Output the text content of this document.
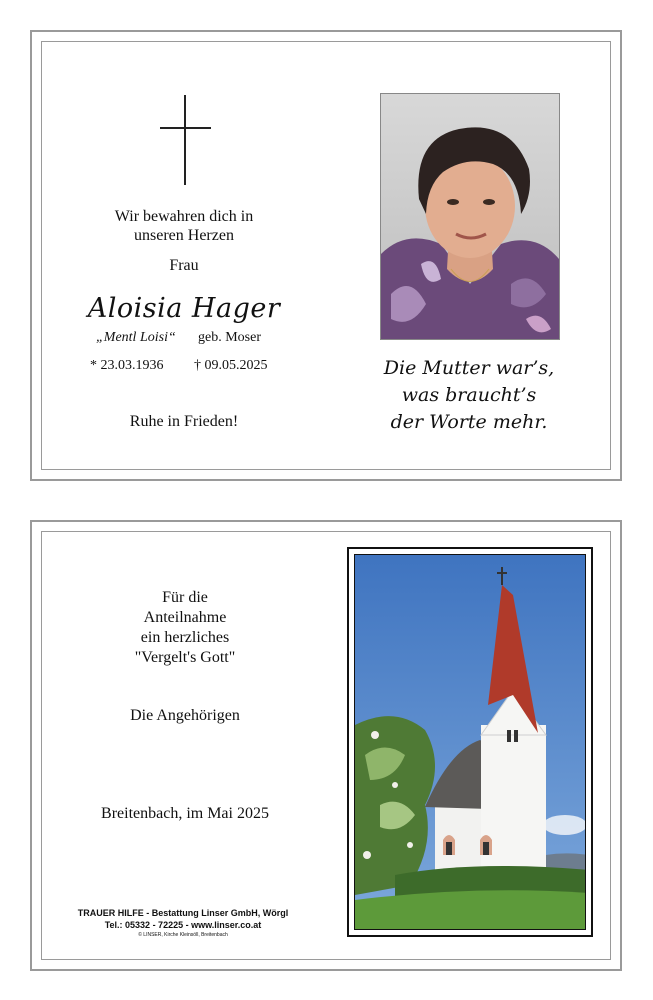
Wir bewahren dich in
unseren Herzen
Frau
Aloisia Hager
„Mentl Loisi“ geb. Moser
* 23.03.1936 † 09.05.2025
Ruhe in Frieden!
Die Mutter war’s,
was braucht’s
der Worte mehr.
Für die
Anteilnahme
ein herzliches
"Vergelt's Gott"
Die Angehörigen
Breitenbach, im Mai 2025
TRAUER HILFE - Bestattung Linser GmbH, Wörgl
Tel.: 05332 - 72225 - www.linser.co.at
© LINSER, Kirche Kleinsöll, Breitenbach
